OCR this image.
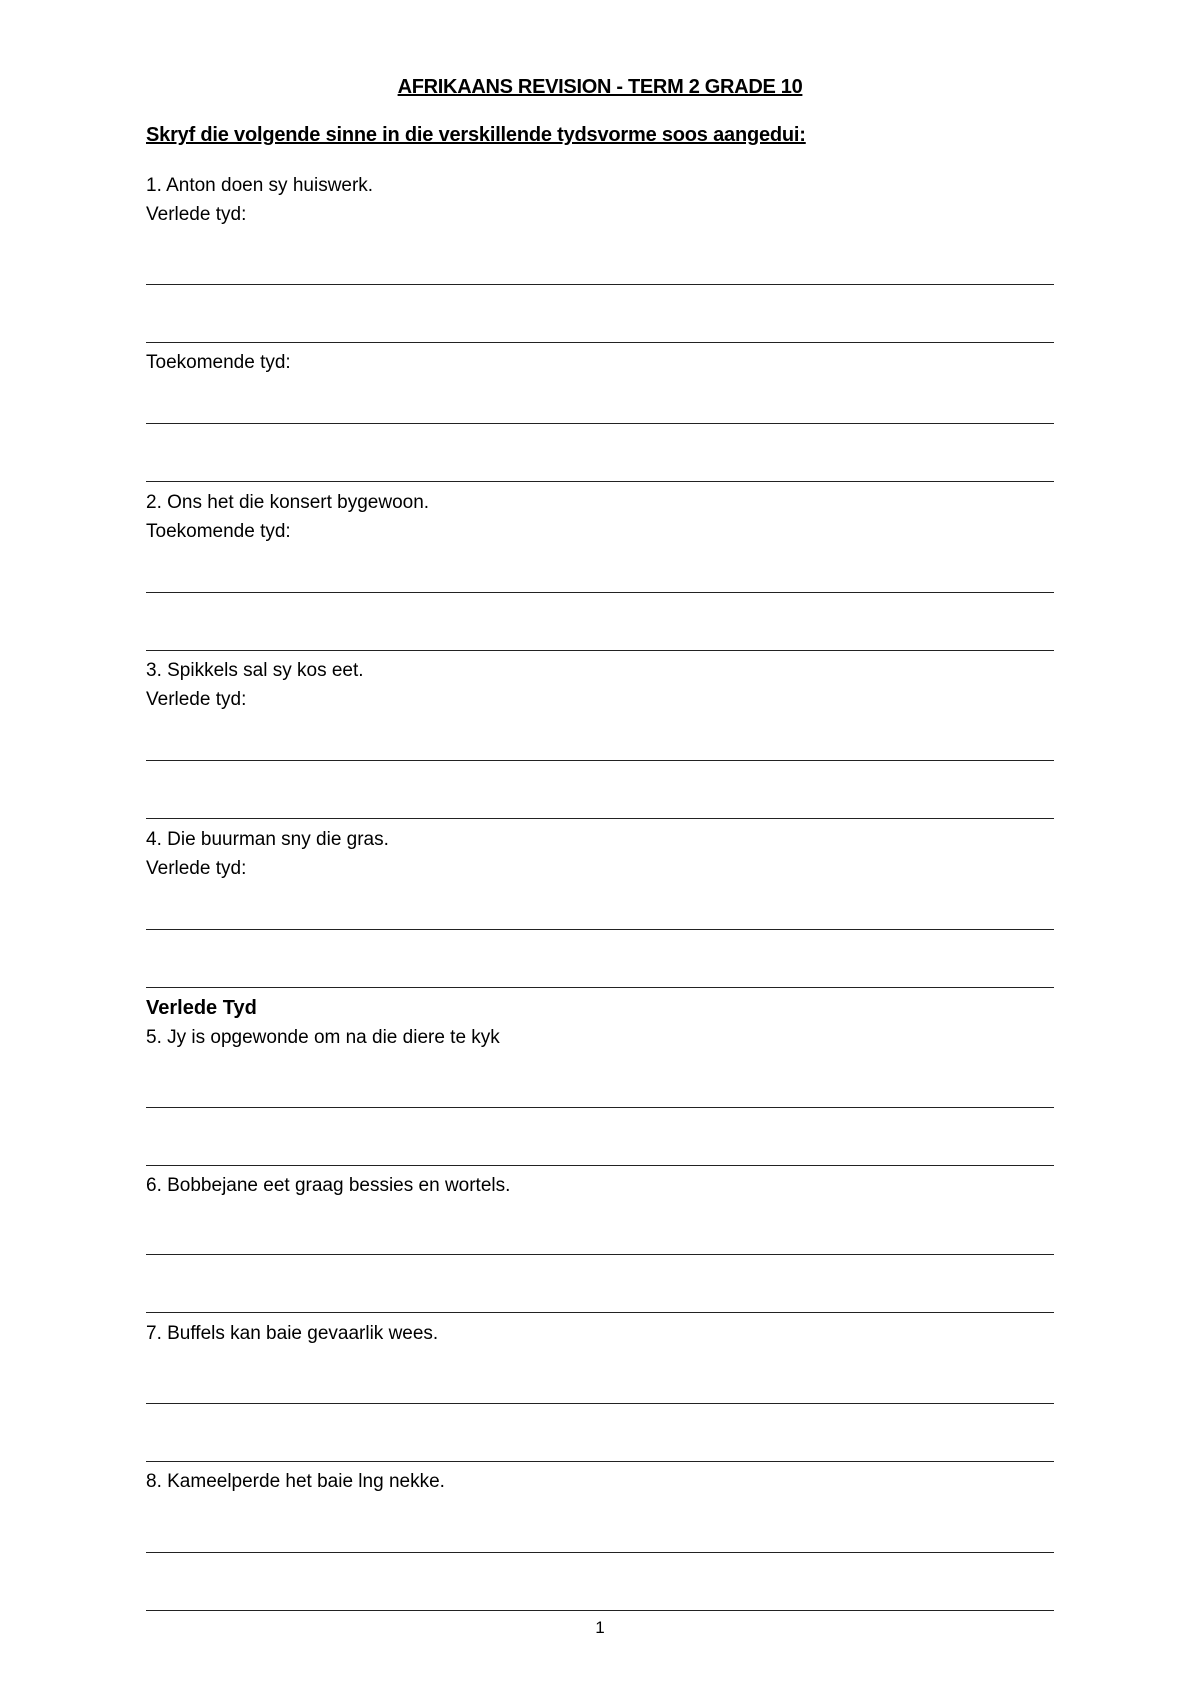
AFRIKAANS REVISION - TERM 2 GRADE 10
Skryf die volgende sinne in die verskillende tydsvorme soos aangedui:
1. Anton doen sy huiswerk.
Verlede tyd:
Toekomende tyd:
2. Ons het die konsert bygewoon.
Toekomende tyd:
3. Spikkels sal sy kos eet.
Verlede tyd:
4. Die buurman sny die gras.
Verlede tyd:
Verlede Tyd
5. Jy is opgewonde om na die diere te kyk
6. Bobbejane eet graag bessies en wortels.
7. Buffels kan baie gevaarlik wees.
8. Kameelperde het baie lng nekke.
1
